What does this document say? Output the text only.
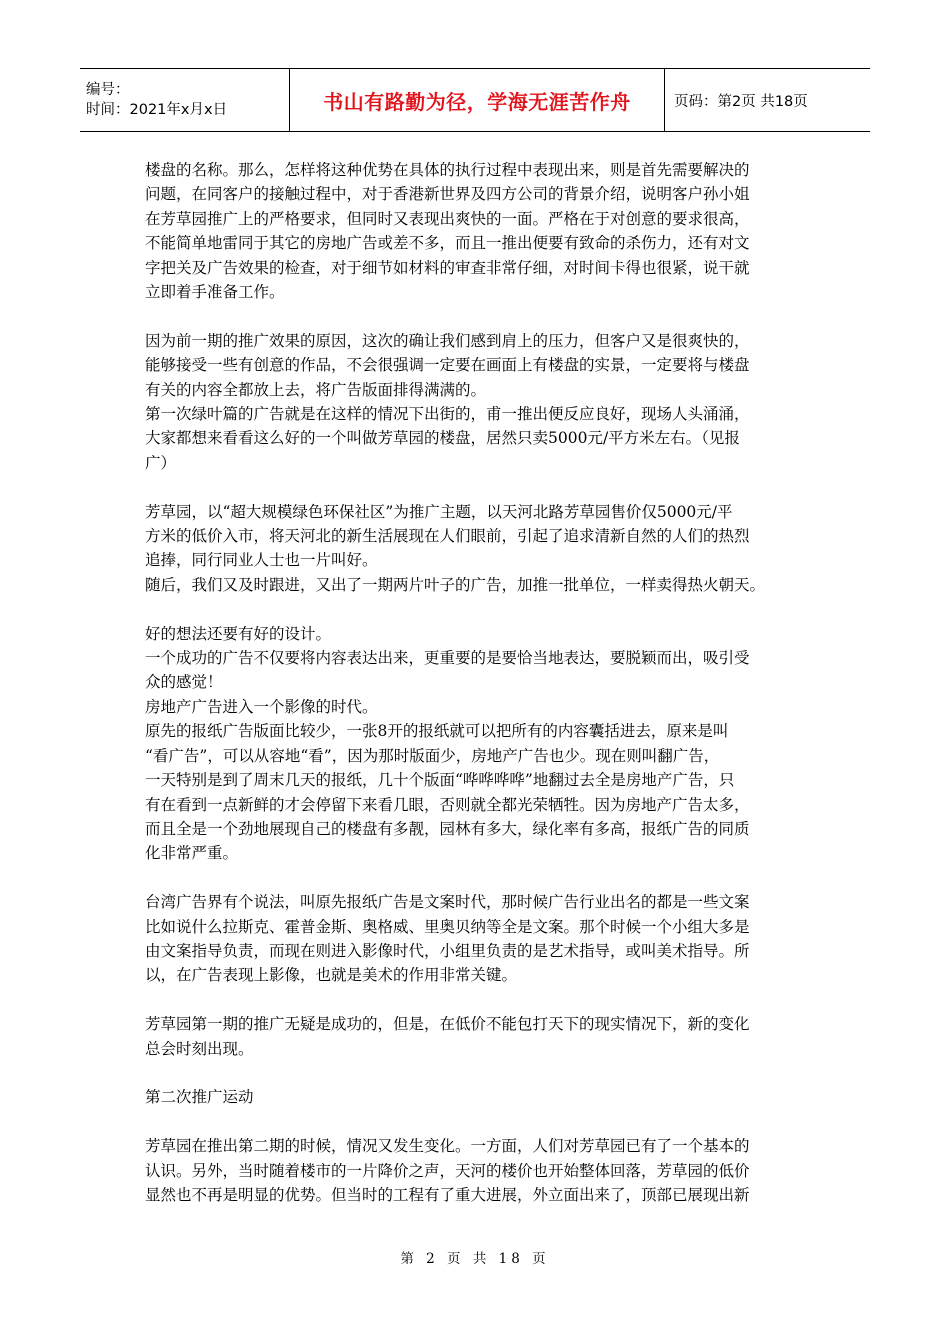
编号：
时间：2021年x月x日	书山有路勤为径，学海无涯苦作舟	页码：第2页 共18页

楼盘的名称。那么，怎样将这种优势在具体的执行过程中表现出来，则是首先需要解决的

问题，在同客户的接触过程中，对于香港新世界及四方公司的背景介绍，说明客户孙小姐

在芳草园推广上的严格要求，但同时又表现出爽快的一面。严格在于对创意的要求很高，

不能简单地雷同于其它的房地广告或差不多，而且一推出便要有致命的杀伤力，还有对文

字把关及广告效果的检查，对于细节如材料的审查非常仔细，对时间卡得也很紧，说干就

立即着手准备工作。

因为前一期的推广效果的原因，这次的确让我们感到肩上的压力，但客户又是很爽快的，

能够接受一些有创意的作品，不会很强调一定要在画面上有楼盘的实景，一定要将与楼盘

有关的内容全都放上去，将广告版面排得满满的。

第一次绿叶篇的广告就是在这样的情况下出街的，甫一推出便反应良好，现场人头涌涌，

大家都想来看看这么好的一个叫做芳草园的楼盘，居然只卖5000元/平方米左右。（见报

广）

芳草园，以“超大规模绿色环保社区”为推广主题，以天河北路芳草园售价仅5000元/平

方米的低价入市，将天河北的新生活展现在人们眼前，引起了追求清新自然的人们的热烈

追捧，同行同业人士也一片叫好。

随后，我们又及时跟进，又出了一期两片叶子的广告，加推一批单位，一样卖得热火朝天。

好的想法还要有好的设计。

一个成功的广告不仅要将内容表达出来，更重要的是要恰当地表达，要脱颖而出，吸引受

众的感觉！

房地产广告进入一个影像的时代。

原先的报纸广告版面比较少，一张8开的报纸就可以把所有的内容囊括进去，原来是叫

“看广告”，可以从容地“看”，因为那时版面少，房地产广告也少。现在则叫翻广告，

一天特别是到了周末几天的报纸，几十个版面“哗哗哗哗”地翻过去全是房地产广告，只

有在看到一点新鲜的才会停留下来看几眼，否则就全都光荣牺牲。因为房地产广告太多，

而且全是一个劲地展现自己的楼盘有多靓，园林有多大，绿化率有多高，报纸广告的同质

化非常严重。

台湾广告界有个说法，叫原先报纸广告是文案时代，那时候广告行业出名的都是一些文案

比如说什么拉斯克、霍普金斯、奥格威、里奥贝纳等全是文案。那个时候一个小组大多是

由文案指导负责，而现在则进入影像时代，小组里负责的是艺术指导，或叫美术指导。所

以，在广告表现上影像，也就是美术的作用非常关键。

芳草园第一期的推广无疑是成功的，但是，在低价不能包打天下的现实情况下，新的变化

总会时刻出现。

第二次推广运动

芳草园在推出第二期的时候，情况又发生变化。一方面，人们对芳草园已有了一个基本的

认识。另外，当时随着楼市的一片降价之声，天河的楼价也开始整体回落，芳草园的低价

显然也不再是明显的优势。但当时的工程有了重大进展，外立面出来了，顶部已展现出新

第 2 页 共 18 页
